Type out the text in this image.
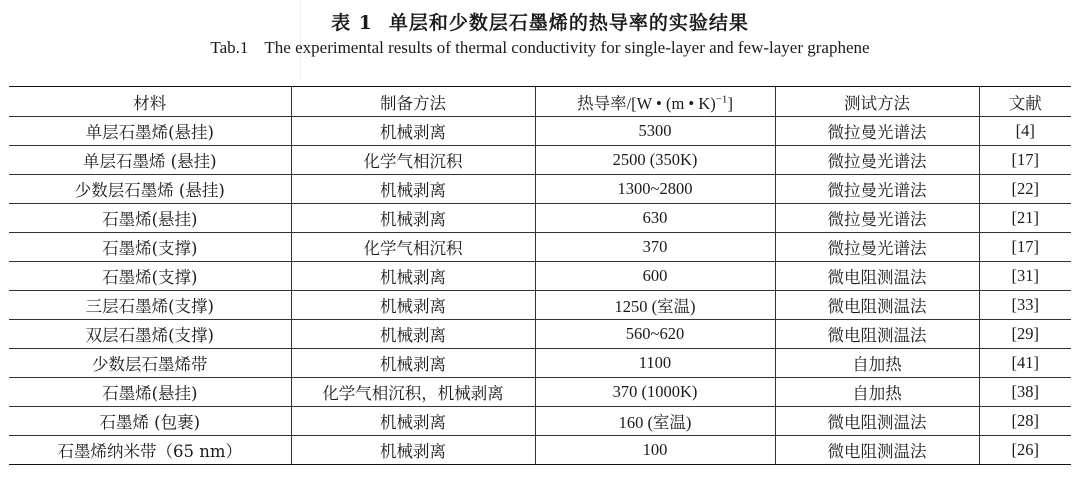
表 1 单层和少数层石墨烯的热导率的实验结果
Tab.1 The experimental results of thermal conductivity for single-layer and few-layer graphene
材料	制备方法	热导率/[W • (m • K)$^{-1}$]	测试方法	文献
单层石墨烯(悬挂)	机械剥离	5300	微拉曼光谱法	[4]
单层石墨烯 (悬挂)	化学气相沉积	2500 (350K)	微拉曼光谱法	[17]
少数层石墨烯 (悬挂)	机械剥离	1300~2800	微拉曼光谱法	[22]
石墨烯(悬挂)	机械剥离	630	微拉曼光谱法	[21]
石墨烯(支撑)	化学气相沉积	370	微拉曼光谱法	[17]
石墨烯(支撑)	机械剥离	600	微电阻测温法	[31]
三层石墨烯(支撑)	机械剥离	1250 (室温)	微电阻测温法	[33]
双层石墨烯(支撑)	机械剥离	560~620	微电阻测温法	[29]
少数层石墨烯带	机械剥离	1100	自加热	[41]
石墨烯(悬挂)	化学气相沉积，机械剥离	370 (1000K)	自加热	[38]
石墨烯 (包裹)	机械剥离	160 (室温)	微电阻测温法	[28]
石墨烯纳米带（65 nm）	机械剥离	100	微电阻测温法	[26]
